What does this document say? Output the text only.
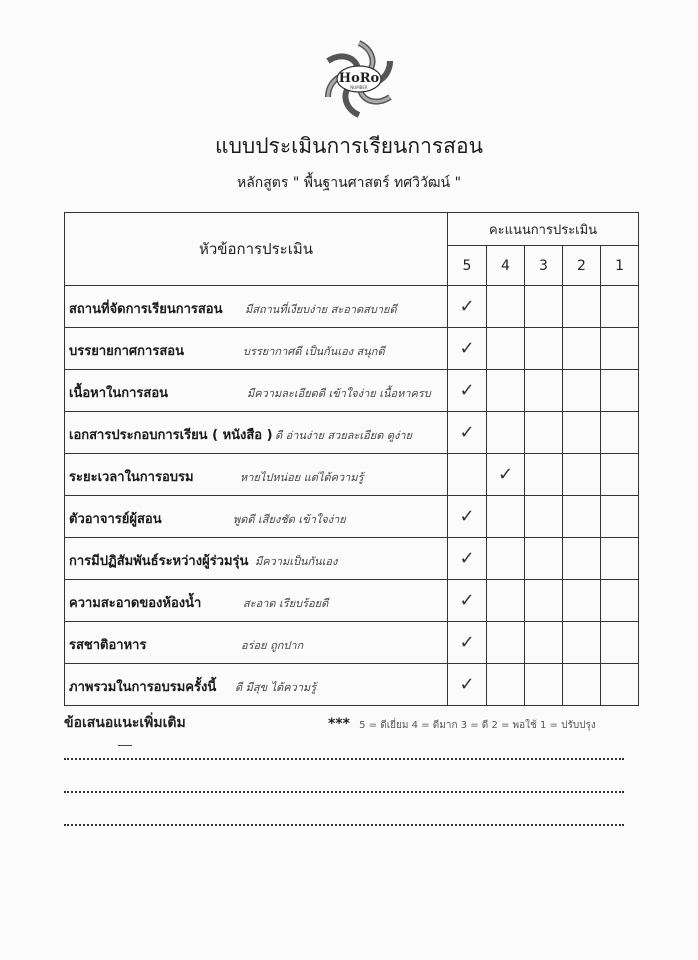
HoRo
NUMBER
แบบประเมินการเรียนการสอน
หลักสูตร " พื้นฐานศาสตร์ ทศวิวัฒน์ "
หัวข้อการประเมิน	คะแนนการประเมิน				
	5	4	3	2	1

สถานที่จัดการเรียนการสอน มีสถานที่เงียบง่าย สะอาดสบายดี	✓				

บรรยายกาศการสอน บรรยากาศดี เป็นกันเอง สนุกดี	✓				

เนื้อหาในการสอน มีความละเอียดดี เข้าใจง่าย เนื้อหาครบ	✓				

เอกสารประกอบการเรียน ( หนังสือ ) ดี อ่านง่าย สวยละเอียด ดูง่าย	✓				

ระยะเวลาในการอบรม หายไปหน่อย แต่ได้ความรู้		✓			

ตัวอาจารย์ผู้สอน พูดดี เสียงชัด เข้าใจง่าย	✓				

การมีปฏิสัมพันธ์ระหว่างผู้ร่วมรุ่น มีความเป็นกันเอง	✓				

ความสะอาดของห้องน้ำ สะอาด เรียบร้อยดี	✓				

รสชาติอาหาร อร่อย ถูกปาก	✓				

ภาพรวมในการอบรมครั้งนี้ ดี มีสุข ได้ความรู้	✓				
ข้อเสนอแนะเพิ่มเติม	*** 5 = ดีเยี่ยม 4 = ดีมาก 3 = ดี 2 = พอใช้ 1 = ปรับปรุง
